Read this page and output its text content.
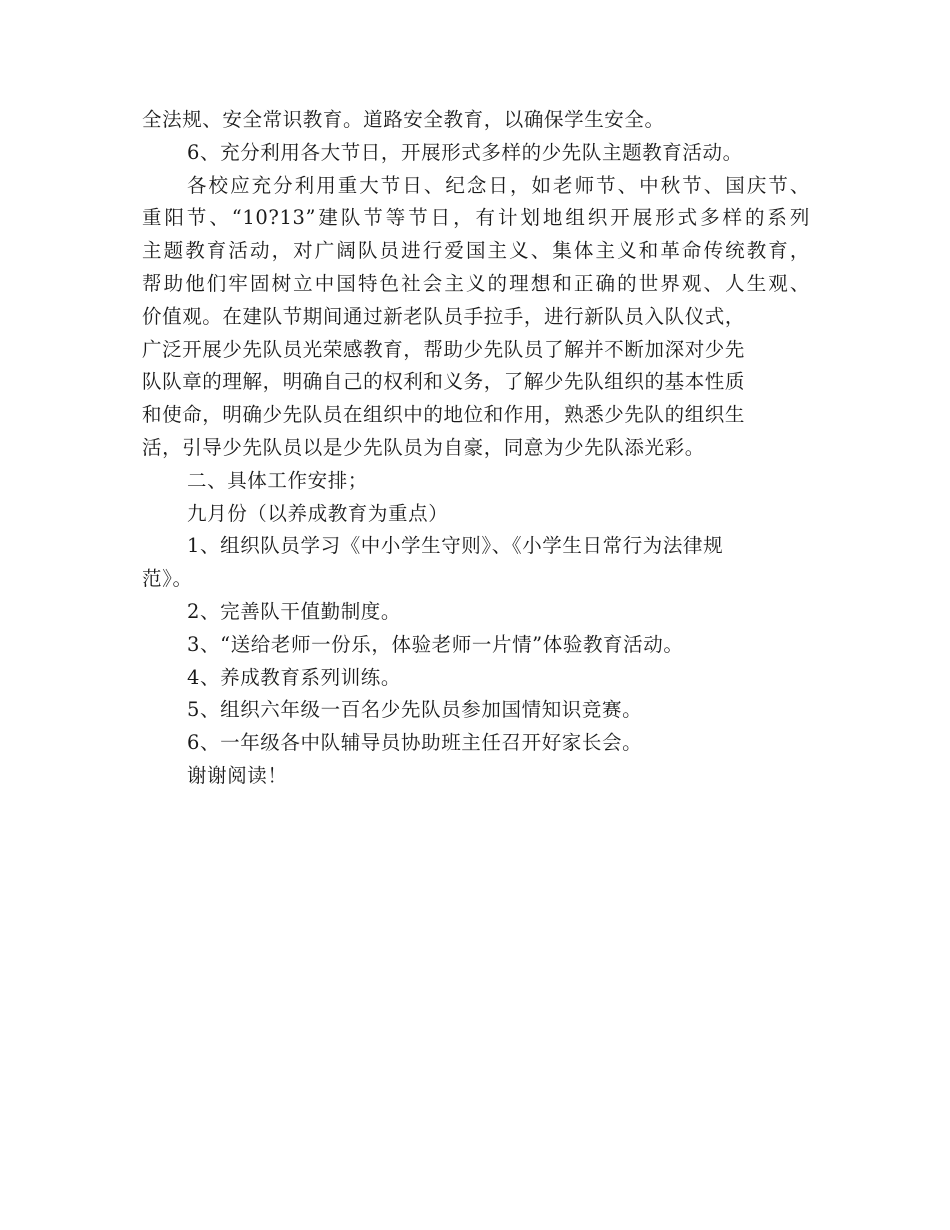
全法规、安全常识教育。道路安全教育，以确保学生安全。
6、充分利用各大节日，开展形式多样的少先队主题教育活动。
各校应充分利用重大节日、纪念日，如老师节、中秋节、国庆节、
重阳节、“10?13”建队节等节日，有计划地组织开展形式多样的系列
主题教育活动，对广阔队员进行爱国主义、集体主义和革命传统教育，
帮助他们牢固树立中国特色社会主义的理想和正确的世界观、人生观、
价值观。在建队节期间通过新老队员手拉手，进行新队员入队仪式，
广泛开展少先队员光荣感教育，帮助少先队员了解并不断加深对少先
队队章的理解，明确自己的权利和义务，了解少先队组织的基本性质
和使命，明确少先队员在组织中的地位和作用，熟悉少先队的组织生
活，引导少先队员以是少先队员为自豪，同意为少先队添光彩。
二、具体工作安排；
九月份（以养成教育为重点）
1、组织队员学习《中小学生守则》、《小学生日常行为法律规
范》。
2、完善队干值勤制度。
3、“送给老师一份乐，体验老师一片情”体验教育活动。
4、养成教育系列训练。
5、组织六年级一百名少先队员参加国情知识竞赛。
6、一年级各中队辅导员协助班主任召开好家长会。
谢谢阅读！
